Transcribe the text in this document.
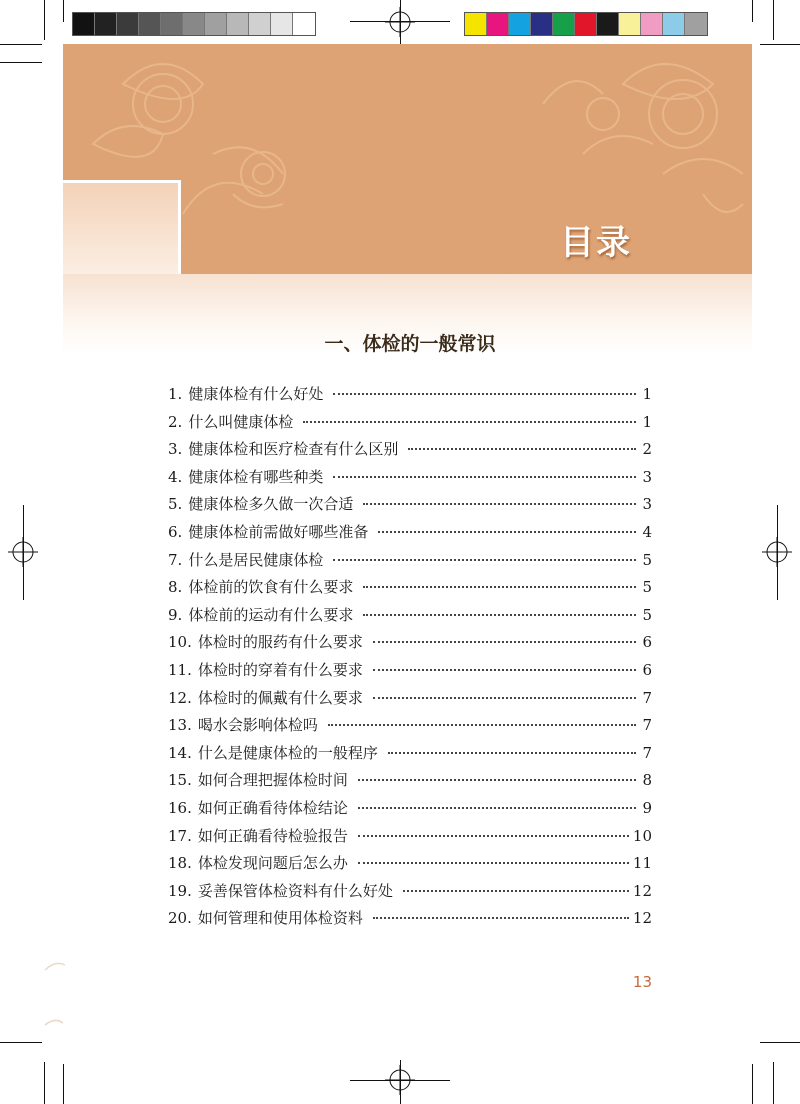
目录
一、体检的一般常识
1. 健康体检有什么好处	1
2. 什么叫健康体检	1
3. 健康体检和医疗检查有什么区别	2
4. 健康体检有哪些种类	3
5. 健康体检多久做一次合适	3
6. 健康体检前需做好哪些准备	4
7. 什么是居民健康体检	5
8. 体检前的饮食有什么要求	5
9. 体检前的运动有什么要求	5
10. 体检时的服药有什么要求	6
11. 体检时的穿着有什么要求	6
12. 体检时的佩戴有什么要求	7
13. 喝水会影响体检吗	7
14. 什么是健康体检的一般程序	7
15. 如何合理把握体检时间	8
16. 如何正确看待体检结论	9
17. 如何正确看待检验报告	10
18. 体检发现问题后怎么办	11
19. 妥善保管体检资料有什么好处	12
20. 如何管理和使用体检资料	12
13
